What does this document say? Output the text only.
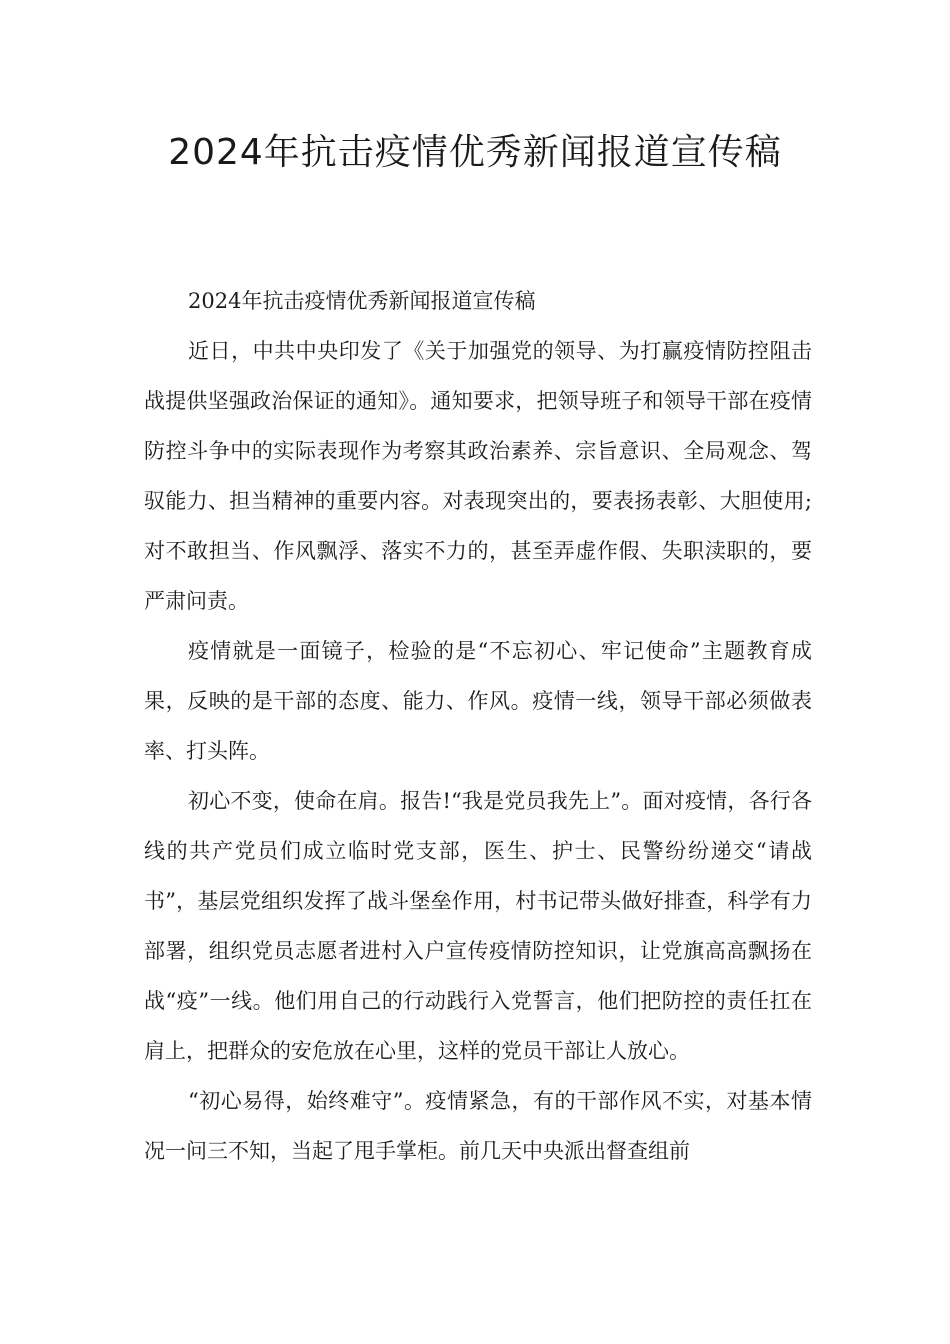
2024年抗击疫情优秀新闻报道宣传稿

2024年抗击疫情优秀新闻报道宣传稿

近日，中共中央印发了《关于加强党的领导、为打赢疫情防控阻击战提供坚强政治保证的通知》。通知要求，把领导班子和领导干部在疫情防控斗争中的实际表现作为考察其政治素养、宗旨意识、全局观念、驾驭能力、担当精神的重要内容。对表现突出的，要表扬表彰、大胆使用;对不敢担当、作风飘浮、落实不力的，甚至弄虚作假、失职渎职的，要严肃问责。

疫情就是一面镜子，检验的是“不忘初心、牢记使命”主题教育成果，反映的是干部的态度、能力、作风。疫情一线，领导干部必须做表率、打头阵。

初心不变，使命在肩。报告!“我是党员我先上”。面对疫情，各行各线的共产党员们成立临时党支部，医生、护士、民警纷纷递交“请战书”，基层党组织发挥了战斗堡垒作用，村书记带头做好排查，科学有力部署，组织党员志愿者进村入户宣传疫情防控知识，让党旗高高飘扬在战“疫”一线。他们用自己的行动践行入党誓言，他们把防控的责任扛在肩上，把群众的安危放在心里，这样的党员干部让人放心。

“初心易得，始终难守”。疫情紧急，有的干部作风不实，对基本情况一问三不知，当起了甩手掌柜。前几天中央派出督查组前
